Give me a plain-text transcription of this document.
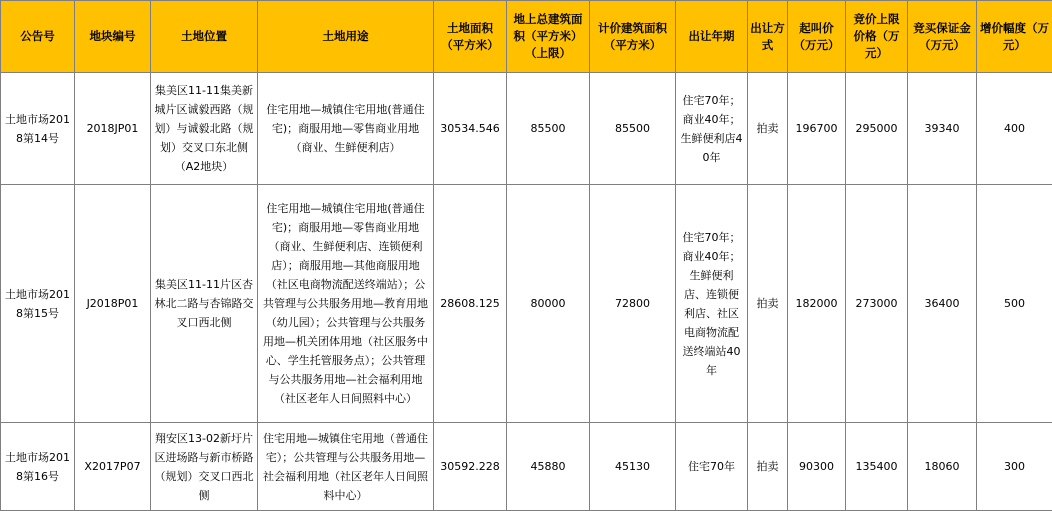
公告号	地块编号	土地位置	土地用途	土地面积（平方米）	地上总建筑面积（平方米）（上限）	计价建筑面积（平方米）	出让年期	出让方式	起叫价（万元）	竞价上限价格（万元）	竞买保证金（万元）	增价幅度（万元）
土地市场2018第14号	2018JP01	集美区11-11集美新城片区诚毅西路（规划）与诚毅北路（规划）交叉口东北侧（A2地块）	住宅用地—城镇住宅用地(普通住宅)；商服用地—零售商业用地（商业、生鲜便利店）	30534.546	85500	85500	住宅70年；商业40年；生鲜便利店40年	拍卖	196700	295000	39340	400
土地市场2018第15号	J2018P01	集美区11-11片区杏林北二路与杏锦路交叉口西北侧	住宅用地—城镇住宅用地(普通住宅)；商服用地—零售商业用地（商业、生鲜便利店、连锁便利店）；商服用地—其他商服用地（社区电商物流配送终端站）；公共管理与公共服务用地—教育用地（幼儿园）；公共管理与公共服务用地—机关团体用地（社区服务中心、学生托管服务点）；公共管理与公共服务用地—社会福利用地（社区老年人日间照料中心）	28608.125	80000	72800	住宅70年；商业40年；生鲜便利店、连锁便利店、社区电商物流配送终端站40年	拍卖	182000	273000	36400	500
土地市场2018第16号	X2017P07	翔安区13-02新圩片区进场路与新市桥路（规划）交叉口西北侧	住宅用地—城镇住宅用地（普通住宅）；公共管理与公共服务用地—社会福利用地（社区老年人日间照料中心）	30592.228	45880	45130	住宅70年	拍卖	90300	135400	18060	300
